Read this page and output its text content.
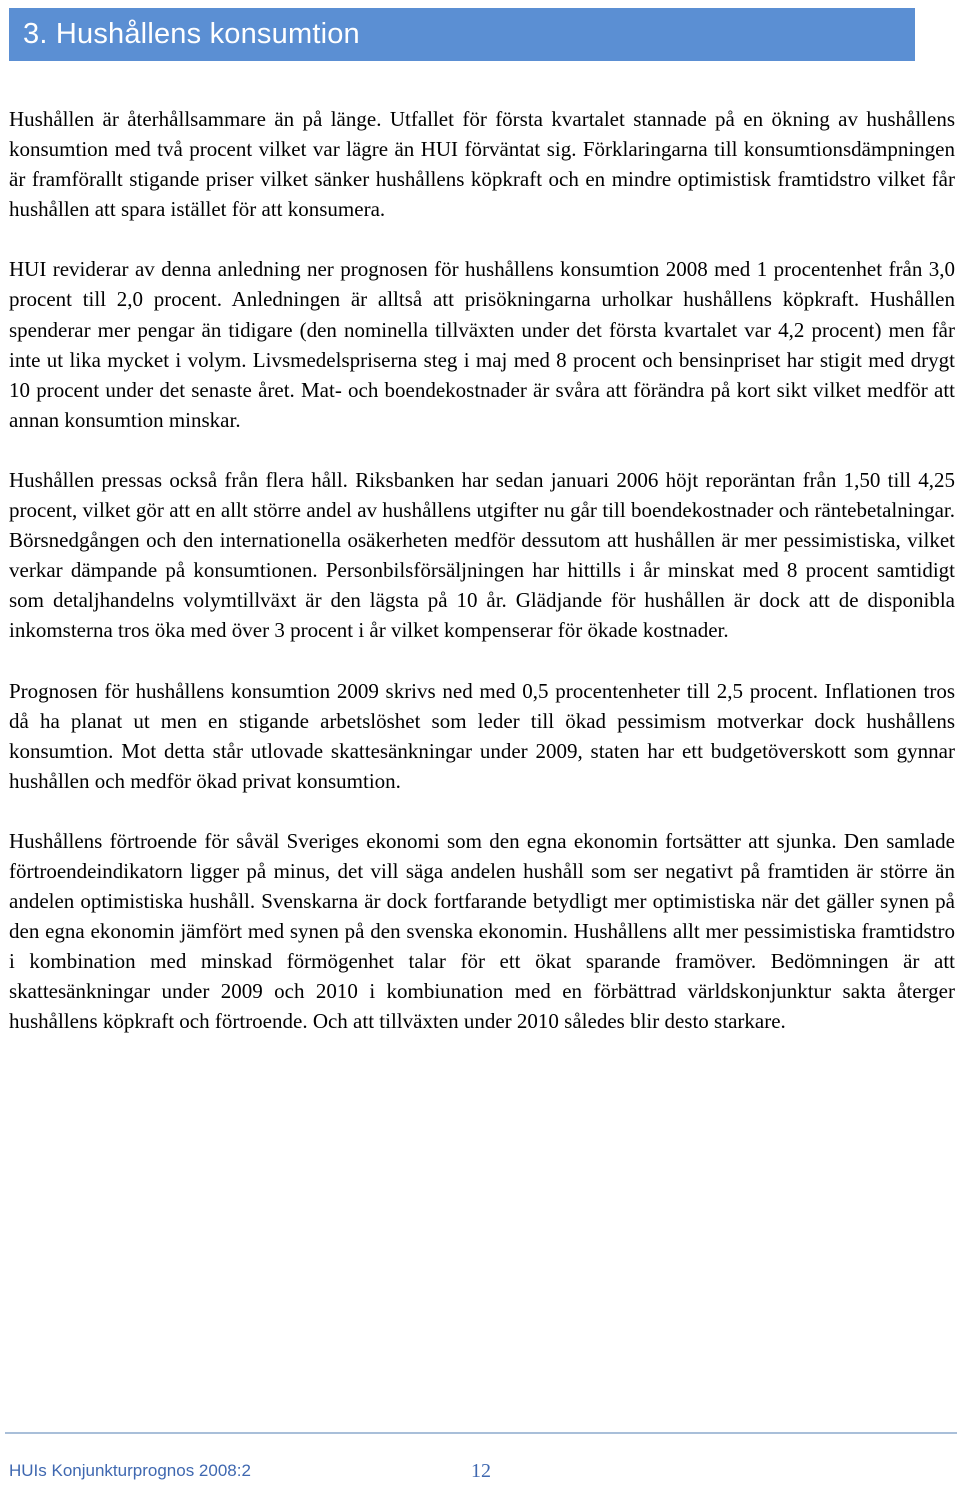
3. Hushållens konsumtion

Hushållen är återhållsammare än på länge. Utfallet för första kvartalet stannade på en ökning av hushållens konsumtion med två procent vilket var lägre än HUI förväntat sig. Förklaringarna till konsumtionsdämpningen är framförallt stigande priser vilket sänker hushållens köpkraft och en mindre optimistisk framtidstro vilket får hushållen att spara istället för att konsumera.

HUI reviderar av denna anledning ner prognosen för hushållens konsumtion 2008 med 1 procentenhet från 3,0 procent till 2,0 procent. Anledningen är alltså att prisökningarna urholkar hushållens köpkraft. Hushållen spenderar mer pengar än tidigare (den nominella tillväxten under det första kvartalet var 4,2 procent) men får inte ut lika mycket i volym. Livsmedelspriserna steg i maj med 8 procent och bensinpriset har stigit med drygt 10 procent under det senaste året. Mat- och boendekostnader är svåra att förändra på kort sikt vilket medför att annan konsumtion minskar.

Hushållen pressas också från flera håll. Riksbanken har sedan januari 2006 höjt reporäntan från 1,50 till 4,25 procent, vilket gör att en allt större andel av hushållens utgifter nu går till boendekostnader och räntebetalningar. Börsnedgången och den internationella osäkerheten medför dessutom att hushållen är mer pessimistiska, vilket verkar dämpande på konsumtionen. Personbilsförsäljningen har hittills i år minskat med 8 procent samtidigt som detaljhandelns volymtillväxt är den lägsta på 10 år. Glädjande för hushållen är dock att de disponibla inkomsterna tros öka med över 3 procent i år vilket kompenserar för ökade kostnader.

Prognosen för hushållens konsumtion 2009 skrivs ned med 0,5 procentenheter till 2,5 procent. Inflationen tros då ha planat ut men en stigande arbetslöshet som leder till ökad pessimism motverkar dock hushållens konsumtion. Mot detta står utlovade skattesänkningar under 2009, staten har ett budgetöverskott som gynnar hushållen och medför ökad privat konsumtion.

Hushållens förtroende för såväl Sveriges ekonomi som den egna ekonomin fortsätter att sjunka. Den samlade förtroendeindikatorn ligger på minus, det vill säga andelen hushåll som ser negativt på framtiden är större än andelen optimistiska hushåll. Svenskarna är dock fortfarande betydligt mer optimistiska när det gäller synen på den egna ekonomin jämfört med synen på den svenska ekonomin. Hushållens allt mer pessimistiska framtidstro i kombination med minskad förmögenhet talar för ett ökat sparande framöver. Bedömningen är att skattesänkningar under 2009 och 2010 i kombiunation med en förbättrad världskonjunktur sakta återger hushållens köpkraft och förtroende. Och att tillväxten under 2010 således blir desto starkare.

HUIs Konjunkturprognos 2008:2	12
